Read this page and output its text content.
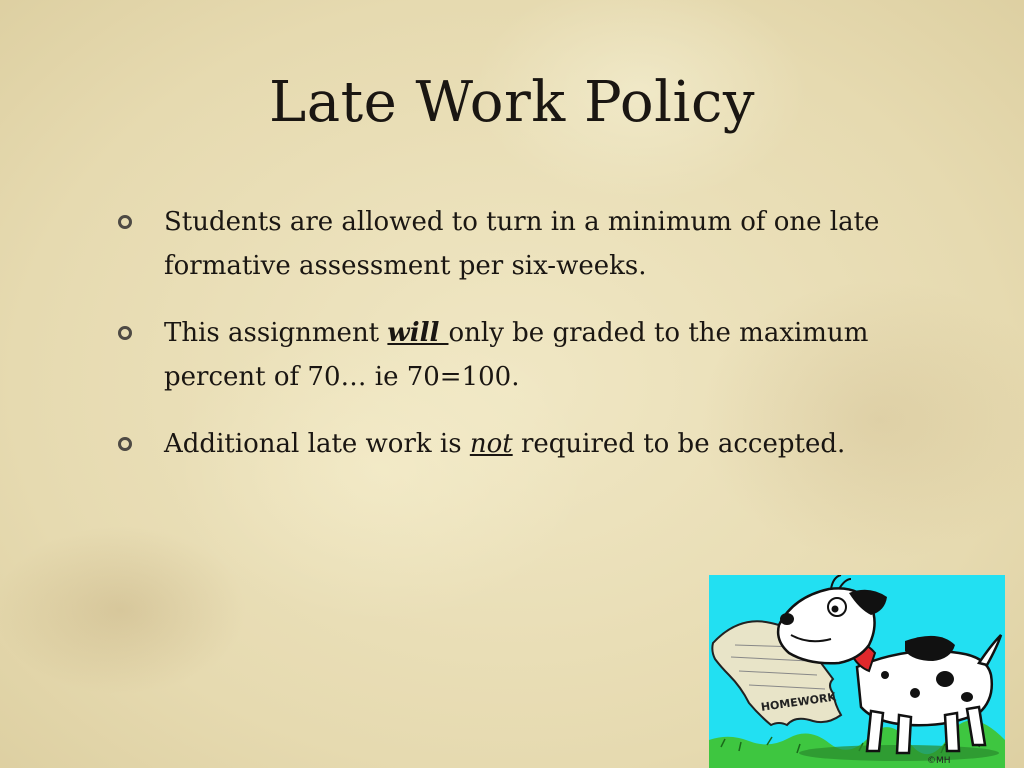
Late Work Policy
Students are allowed to turn in a minimum of one late formative assessment per six-weeks.
This assignment will only be graded to the maximum percent of 70… ie 70=100.
Additional late work is not required to be accepted.
HOMEWORK
©MH
